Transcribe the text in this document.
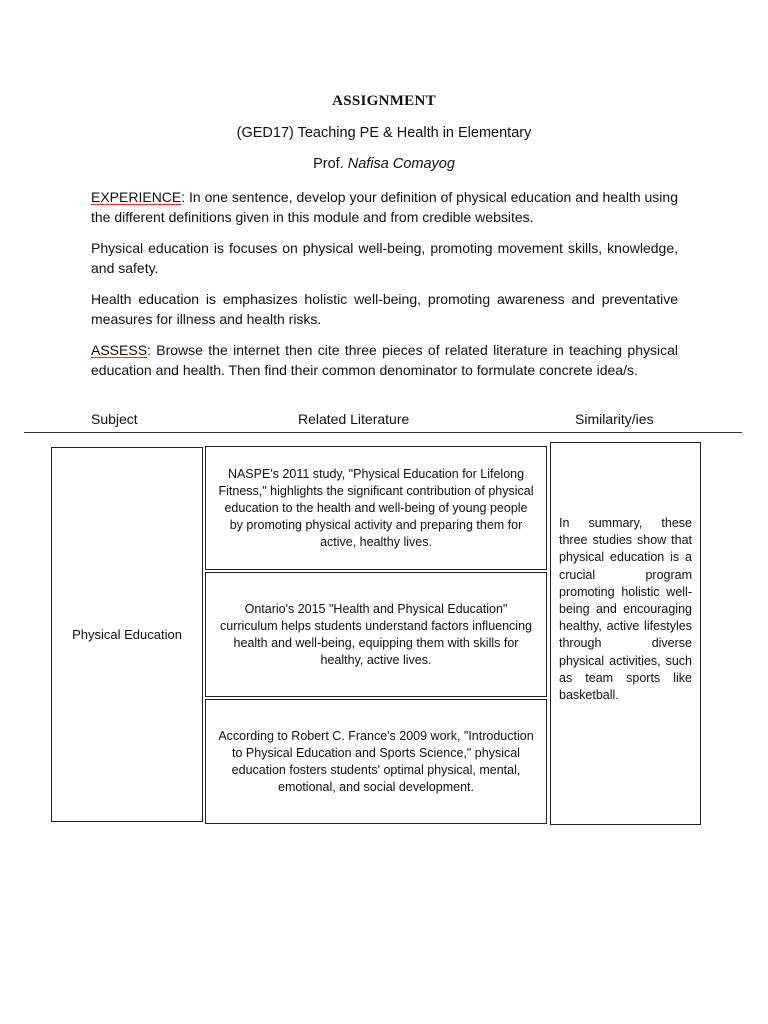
ASSIGNMENT
(GED17) Teaching PE & Health in Elementary
Prof. Nafisa Comayog

EXPERIENCE: In one sentence, develop your definition of physical education and health using the different definitions given in this module and from credible websites.

Physical education is focuses on physical well-being, promoting movement skills, knowledge, and safety.

Health education is emphasizes holistic well-being, promoting awareness and preventative measures for illness and health risks.

ASSESS: Browse the internet then cite three pieces of related literature in teaching physical education and health. Then find their common denominator to formulate concrete idea/s.

Subject	Related Literature	Similarity/ies
Physical Education
NASPE's 2011 study, "Physical Education for Lifelong Fitness," highlights the significant contribution of physical education to the health and well-being of young people by promoting physical activity and preparing them for active, healthy lives.
Ontario's 2015 "Health and Physical Education" curriculum helps students understand factors influencing health and well-being, equipping them with skills for healthy, active lives.
According to Robert C. France's 2009 work, "Introduction to Physical Education and Sports Science," physical education fosters students' optimal physical, mental, emotional, and social development.
In summary, these three studies show that physical education is a crucial program promoting holistic well-being and encouraging healthy, active lifestyles through diverse physical activities, such as team sports like basketball.
